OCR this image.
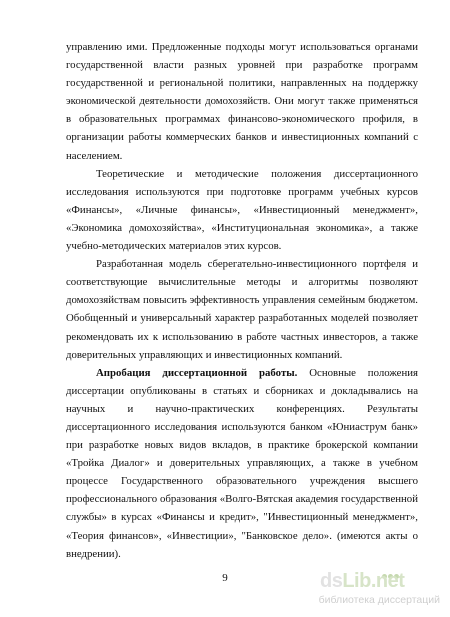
управлению ими. Предложенные подходы могут использоваться органами государственной власти разных уровней при разработке программ государственной и региональной политики, направленных на поддержку экономической деятельности домохозяйств. Они могут также применяться в образовательных программах финансово-экономического профиля, в организации работы коммерческих банков и инвестиционных компаний с населением.

Теоретические и методические положения диссертационного исследования используются при подготовке программ учебных курсов «Финансы», «Личные финансы», «Инвестиционный менеджмент», «Экономика домохозяйства», «Институциональная экономика», а также учебно-методических материалов этих курсов.

Разработанная модель сберегательно-инвестиционного портфеля и соответствующие вычислительные методы и алгоритмы позволяют домохозяйствам повысить эффективность управления семейным бюджетом. Обобщенный и универсальный характер разработанных моделей позволяет рекомендовать их к использованию в работе частных инвесторов, а также доверительных управляющих и инвестиционных компаний.

Апробация диссертационной работы. Основные положения диссертации опубликованы в статьях и сборниках и докладывались на научных и научно-практических конференциях. Результаты диссертационного исследования используются банком «Юниаструм банк» при разработке новых видов вкладов, в практике брокерской компании «Тройка Диалог» и доверительных управляющих, а также в учебном процессе Государственного образовательного учреждения высшего профессионального образования «Волго-Вятская академия государственной службы» в курсах «Финансы и кредит», "Инвестиционный менеджмент», «Теория финансов», «Инвестиции», "Банковское дело». (имеются акты о внедрении).

9	dsLib.net
библиотека диссертаций
